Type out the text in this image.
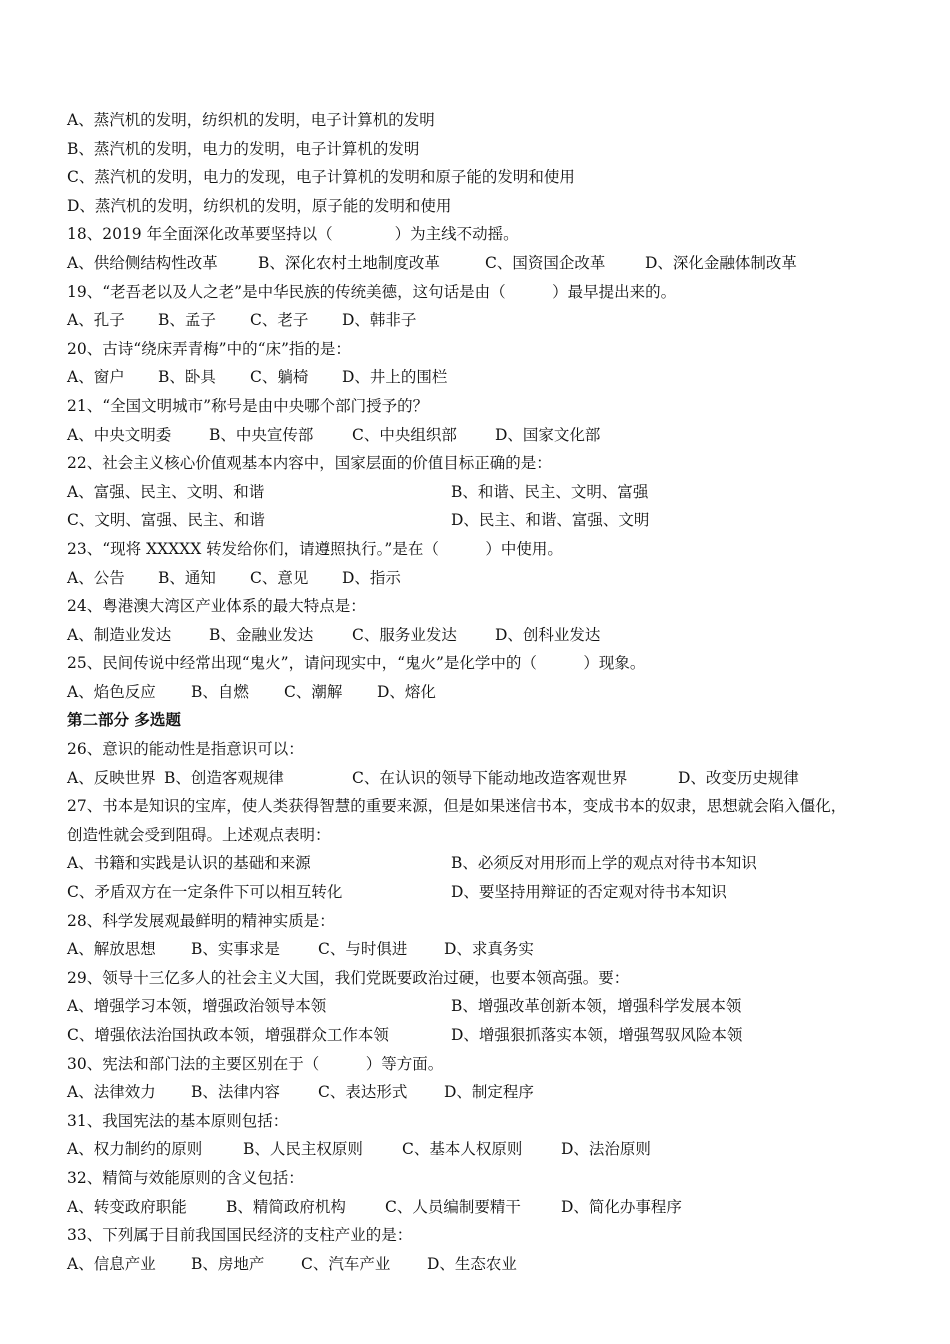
A、蒸汽机的发明，纺织机的发明，电子计算机的发明
B、蒸汽机的发明，电力的发明，电子计算机的发明
C、蒸汽机的发明，电力的发现，电子计算机的发明和原子能的发明和使用
D、蒸汽机的发明，纺织机的发明，原子能的发明和使用
18、2019 年全面深化改革要坚持以（　　　　）为主线不动摇。
A、供给侧结构性改革	B、深化农村土地制度改革	C、国资国企改革	D、深化金融体制改革
19、“老吾老以及人之老”是中华民族的传统美德，这句话是由（　　　）最早提出来的。
A、孔子 B、孟子 C、老子 D、韩非子
20、古诗“绕床弄青梅”中的“床”指的是：
A、窗户 B、卧具 C、躺椅 D、井上的围栏
21、“全国文明城市”称号是由中央哪个部门授予的？
A、中央文明委 B、中央宣传部 C、中央组织部 D、国家文化部
22、社会主义核心价值观基本内容中，国家层面的价值目标正确的是：
A、富强、民主、文明、和谐	B、和谐、民主、文明、富强
C、文明、富强、民主、和谐	D、民主、和谐、富强、文明
23、“现将 XXXXX 转发给你们，请遵照执行。”是在（　　　）中使用。
A、公告 B、通知 C、意见 D、指示
24、粤港澳大湾区产业体系的最大特点是：
A、制造业发达 B、金融业发达 C、服务业发达 D、创科业发达
25、民间传说中经常出现“鬼火”，请问现实中，“鬼火”是化学中的（　　　）现象。
A、焰色反应 B、自燃 C、潮解 D、熔化
第二部分 多选题
26、意识的能动性是指意识可以：
A、反映世界 B、创造客观规律	C、在认识的领导下能动地改造客观世界	D、改变历史规律
27、书本是知识的宝库，使人类获得智慧的重要来源，但是如果迷信书本，变成书本的奴隶，思想就会陷入僵化，
创造性就会受到阻碍。上述观点表明：
A、书籍和实践是认识的基础和来源	B、必须反对用形而上学的观点对待书本知识
C、矛盾双方在一定条件下可以相互转化	D、要坚持用辩证的否定观对待书本知识
28、科学发展观最鲜明的精神实质是：
A、解放思想 B、实事求是 C、与时俱进 D、求真务实
29、领导十三亿多人的社会主义大国，我们党既要政治过硬，也要本领高强。要：
A、增强学习本领，增强政治领导本领	B、增强改革创新本领，增强科学发展本领
C、增强依法治国执政本领，增强群众工作本领	D、增强狠抓落实本领，增强驾驭风险本领
30、宪法和部门法的主要区别在于（　　　）等方面。
A、法律效力 B、法律内容 C、表达形式 D、制定程序
31、我国宪法的基本原则包括：
A、权力制约的原则	B、人民主权原则	C、基本人权原则 D、法治原则
32、精简与效能原则的含义包括：
A、转变政府职能	B、精简政府机构	C、人员编制要精干	D、简化办事程序
33、下列属于目前我国国民经济的支柱产业的是：
A、信息产业 B、房地产 C、汽车产业 D、生态农业
